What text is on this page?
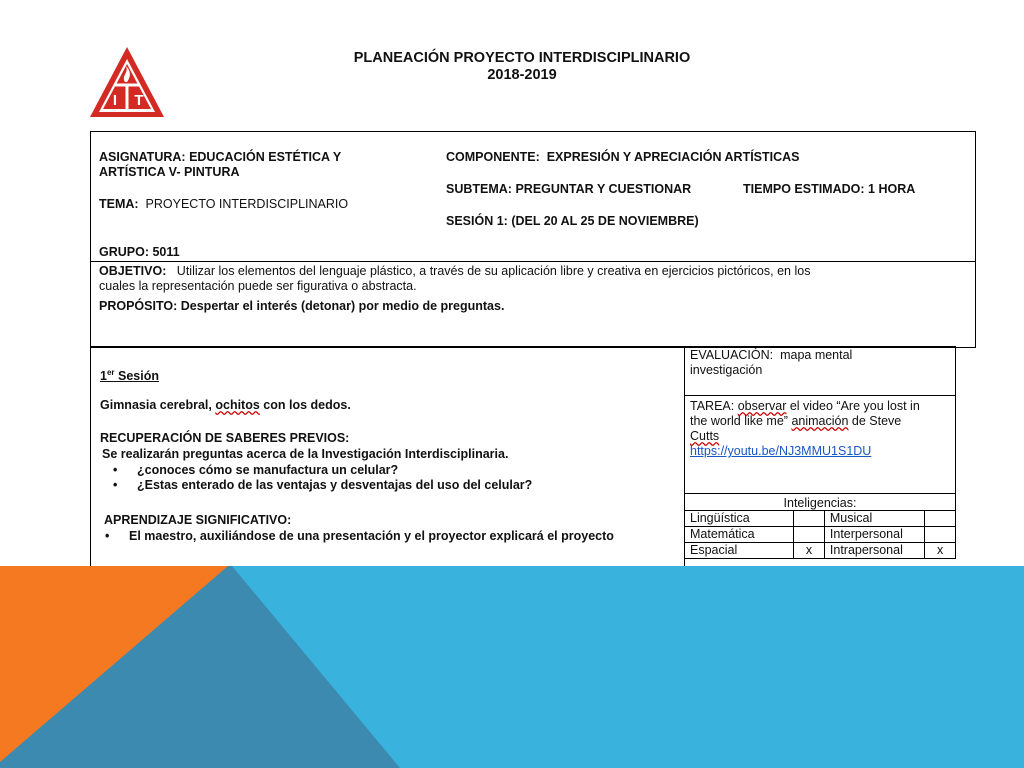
I T
PLANEACIÓN PROYECTO INTERDISCIPLINARIO
2018-2019
ASIGNATURA: EDUCACIÓN ESTÉTICA Y
ARTÍSTICA V- PINTURA
TEMA: PROYECTO INTERDISCIPLINARIO
GRUPO: 5011
COMPONENTE: EXPRESIÓN Y APRECIACIÓN ARTÍSTICAS
SUBTEMA: PREGUNTAR Y CUESTIONAR	TIEMPO ESTIMADO: 1 HORA
SESIÓN 1: (DEL 20 AL 25 DE NOVIEMBRE)
OBJETIVO: Utilizar los elementos del lenguaje plástico, a través de su aplicación libre y creativa en ejercicios pictóricos, en los
cuales la representación puede ser figurativa o abstracta.
PROPÓSITO: Despertar el interés (detonar) por medio de preguntas.
1er Sesión
Gimnasia cerebral, ochitos con los dedos.
RECUPERACIÓN DE SABERES PREVIOS:
Se realizarán preguntas acerca de la Investigación Interdisciplinaria.
• ¿conoces cómo se manufactura un celular?
• ¿Estas enterado de las ventajas y desventajas del uso del celular?
APRENDIZAJE SIGNIFICATIVO:
• El maestro, auxiliándose de una presentación y el proyector explicará el proyecto
EVALUACIÓN: mapa mental
investigación
TAREA: observar el video “Are you lost in
the world like me” animación de Steve
Cutts
https://youtu.be/NJ3MMU1S1DU
Inteligencias:
Lingüística		Musical	
Matemática		Interpersonal	
Espacial	x	Intrapersonal	x
